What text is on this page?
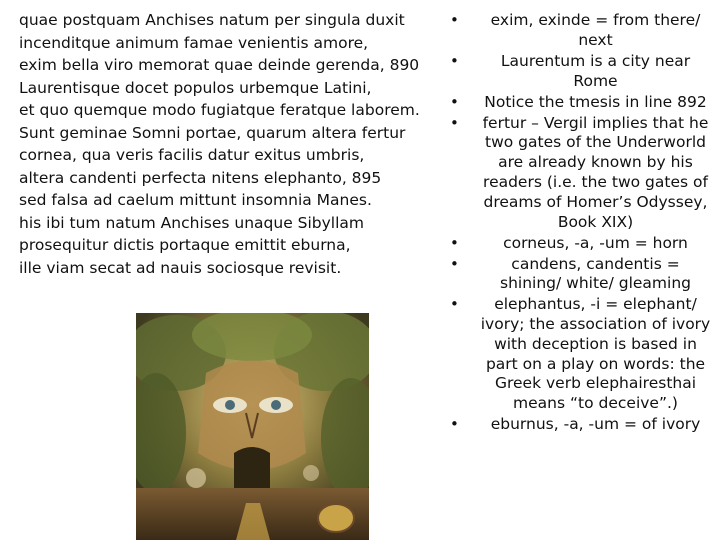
quae postquam Anchises natum per singula duxit
incenditque animum famae venientis amore,
exim bella viro memorat quae deinde gerenda, 890
Laurentisque docet populos urbemque Latini,
et quo quemque modo fugiatque feratque laborem.
Sunt geminae Somni portae, quarum altera fertur
cornea, qua veris facilis datur exitus umbris,
altera candenti perfecta nitens elephanto, 895
sed falsa ad caelum mittunt insomnia Manes.
his ibi tum natum Anchises unaque Sibyllam
prosequitur dictis portaque emittit eburna,
ille viam secat ad nauis sociosque revisit.
•	exim, exinde = from there/ next
•	Laurentum is a city near Rome
•	Notice the tmesis in line 892
• fertur – Vergil implies that he two gates of the Underworld are already known by his readers (i.e. the two gates of dreams of Homer’s Odyssey, Book XIX)
•	corneus, -a, -um = horn
•	candens, candentis = shining/ white/ gleaming
•	elephantus, -i = elephant/ ivory; the association of ivory with deception is based in part on a play on words: the Greek verb elephairesthai means “to deceive”.)
•	eburnus, -a, -um = of ivory
